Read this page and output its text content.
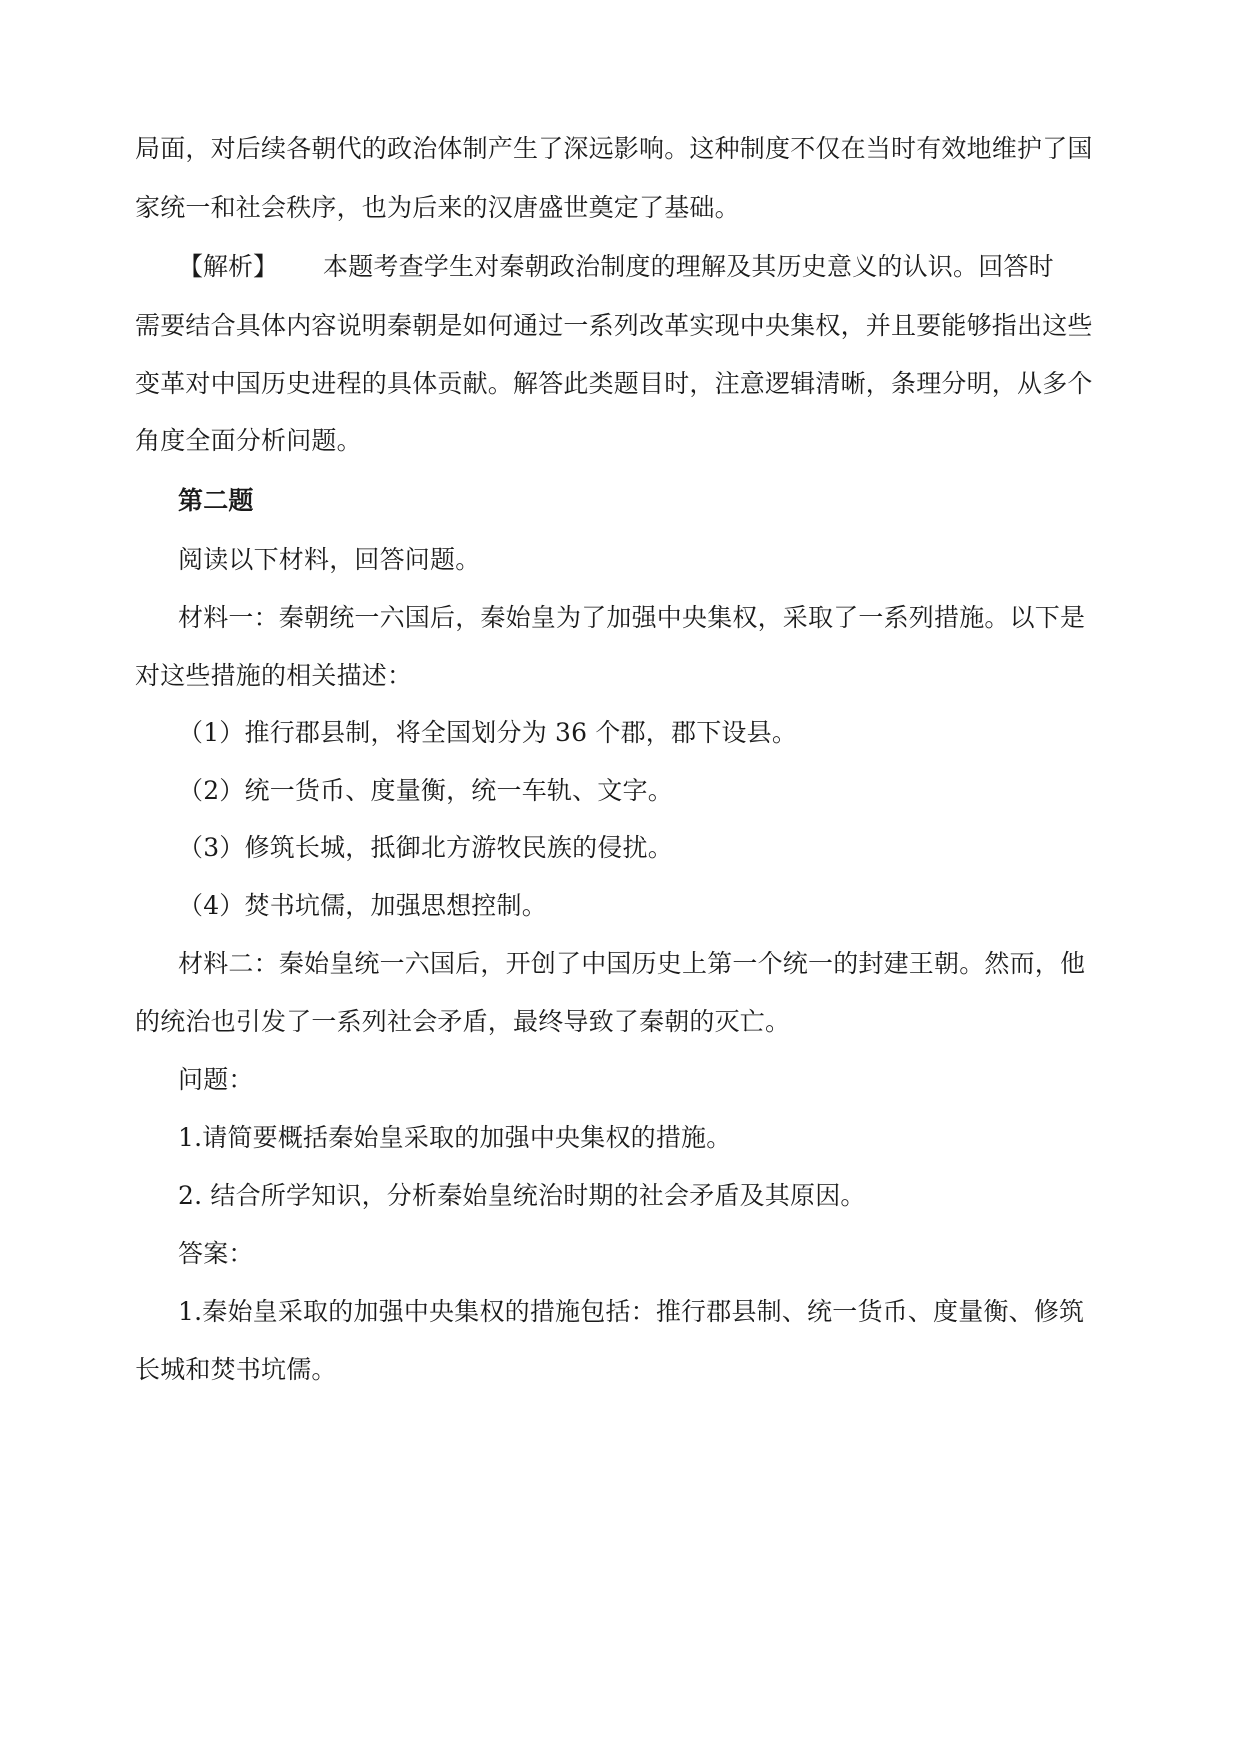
局面，对后续各朝代的政治体制产生了深远影响。这种制度不仅在当时有效地维护了国
家统一和社会秩序，也为后来的汉唐盛世奠定了基础。
【解析】 本题考查学生对秦朝政治制度的理解及其历史意义的认识。回答时
需要结合具体内容说明秦朝是如何通过一系列改革实现中央集权，并且要能够指出这些
变革对中国历史进程的具体贡献。解答此类题目时，注意逻辑清晰，条理分明，从多个
角度全面分析问题。
第二题
阅读以下材料，回答问题。
材料一：秦朝统一六国后，秦始皇为了加强中央集权，采取了一系列措施。以下是
对这些措施的相关描述：
（1）推行郡县制，将全国划分为 36 个郡，郡下设县。
（2）统一货币、度量衡，统一车轨、文字。
（3）修筑长城，抵御北方游牧民族的侵扰。
（4）焚书坑儒，加强思想控制。
材料二：秦始皇统一六国后，开创了中国历史上第一个统一的封建王朝。然而，他
的统治也引发了一系列社会矛盾，最终导致了秦朝的灭亡。
问题：
1.请简要概括秦始皇采取的加强中央集权的措施。
2. 结合所学知识，分析秦始皇统治时期的社会矛盾及其原因。
答案：
1.秦始皇采取的加强中央集权的措施包括：推行郡县制、统一货币、度量衡、修筑
长城和焚书坑儒。
